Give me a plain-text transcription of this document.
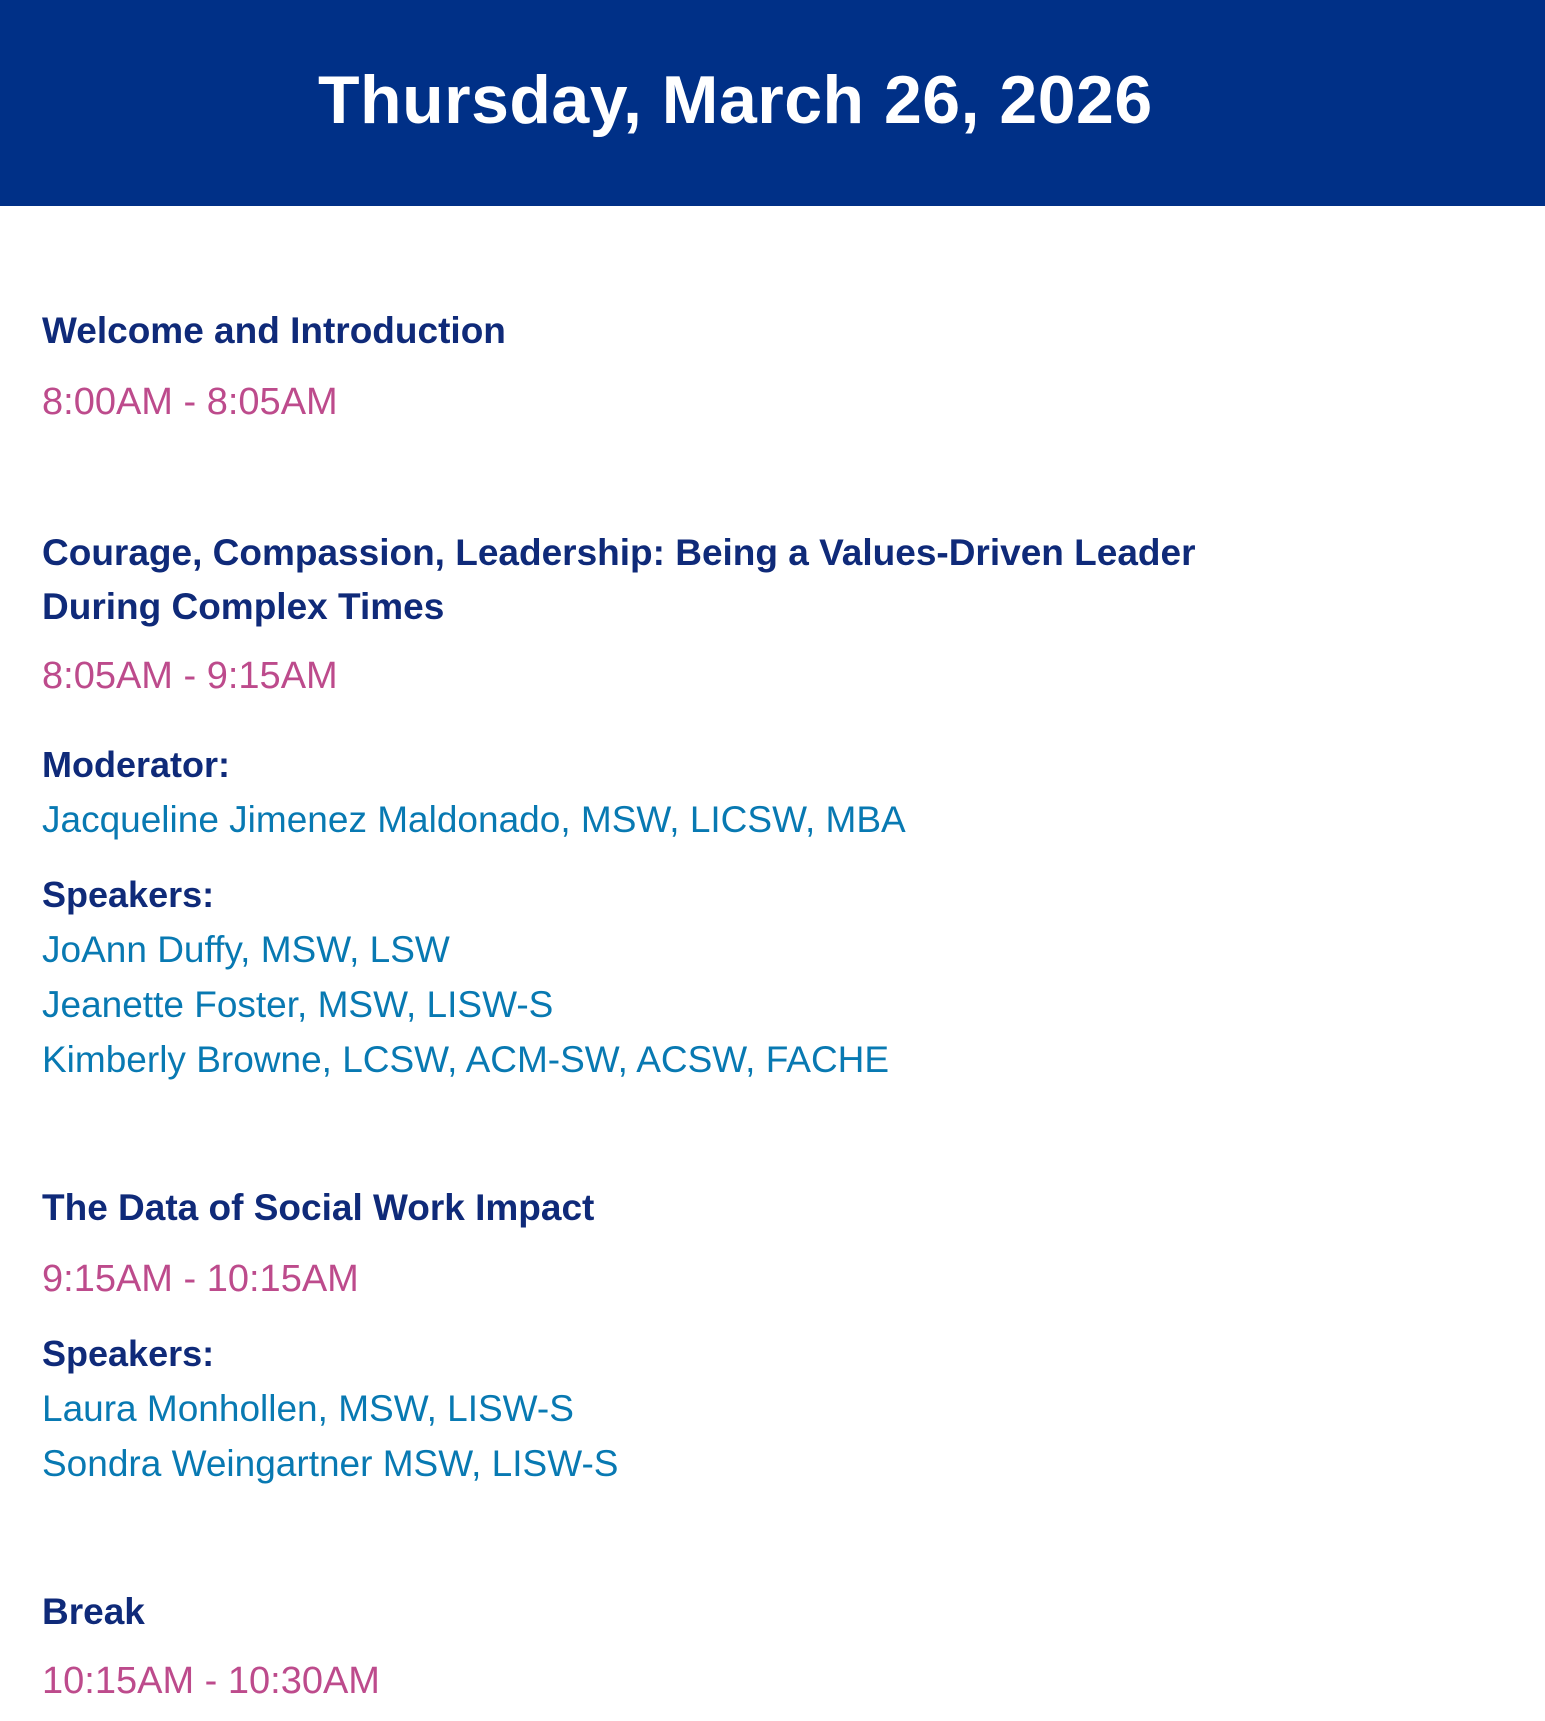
Thursday, March 26, 2026
Welcome and Introduction

8:00AM - 8:05AM

Courage, Compassion, Leadership: Being a Values-Driven Leader
During Complex Times

8:05AM - 9:15AM

Moderator:

Jacqueline Jimenez Maldonado, MSW, LICSW, MBA

Speakers:

JoAnn Duffy, MSW, LSW

Jeanette Foster, MSW, LISW-S

Kimberly Browne, LCSW, ACM-SW, ACSW, FACHE

The Data of Social Work Impact

9:15AM - 10:15AM

Speakers:

Laura Monhollen, MSW, LISW-S

Sondra Weingartner MSW, LISW-S

Break

10:15AM - 10:30AM
